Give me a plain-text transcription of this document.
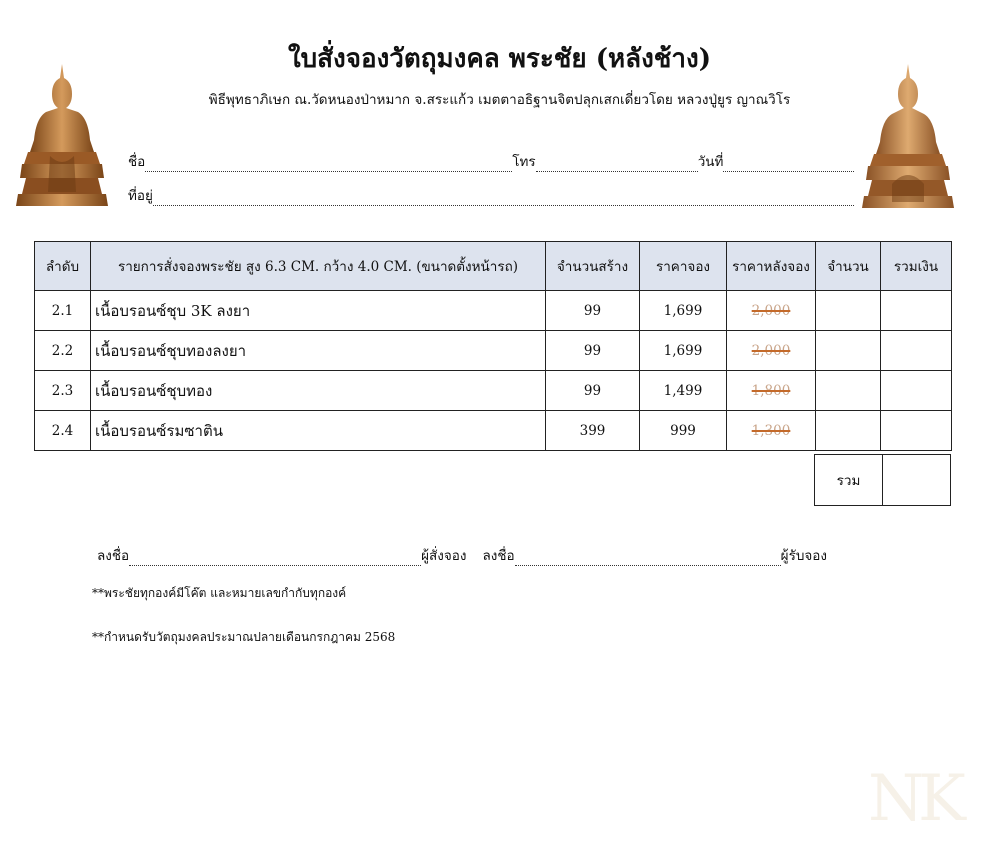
ใบสั่งจองวัตถุมงคล พระชัย (หลังช้าง)
พิธีพุทธาภิเษก ณ.วัดหนองป่าหมาก จ.สระแก้ว เมตตาอธิฐานจิตปลุกเสกเดี่ยวโดย หลวงปู่ยูร ญาณวิโร
ชื่อ	โทร	วันที่
ที่อยู่
ลำดับ	รายการสั่งจองพระชัย สูง 6.3 CM. กว้าง 4.0 CM. (ขนาดตั้งหน้ารถ)	จำนวนสร้าง	ราคาจอง	ราคาหลังจอง	จำนวน	รวมเงิน
2.1	เนื้อบรอนซ์ชุบ 3K ลงยา	99	1,699	2,000		
2.2	เนื้อบรอนซ์ชุบทองลงยา	99	1,699	2,000		
2.3	เนื้อบรอนซ์ชุบทอง	99	1,499	1,800		
2.4	เนื้อบรอนซ์รมซาติน	399	999	1,300		
รวม	
ลงชื่อ	ผู้สั่งจอง ลงชื่อ	ผู้รับจอง
**พระชัยทุกองค์มีโค๊ต และหมายเลขกำกับทุกองค์
**กำหนดรับวัตถุมงคลประมาณปลายเดือนกรกฎาคม 2568
NK
